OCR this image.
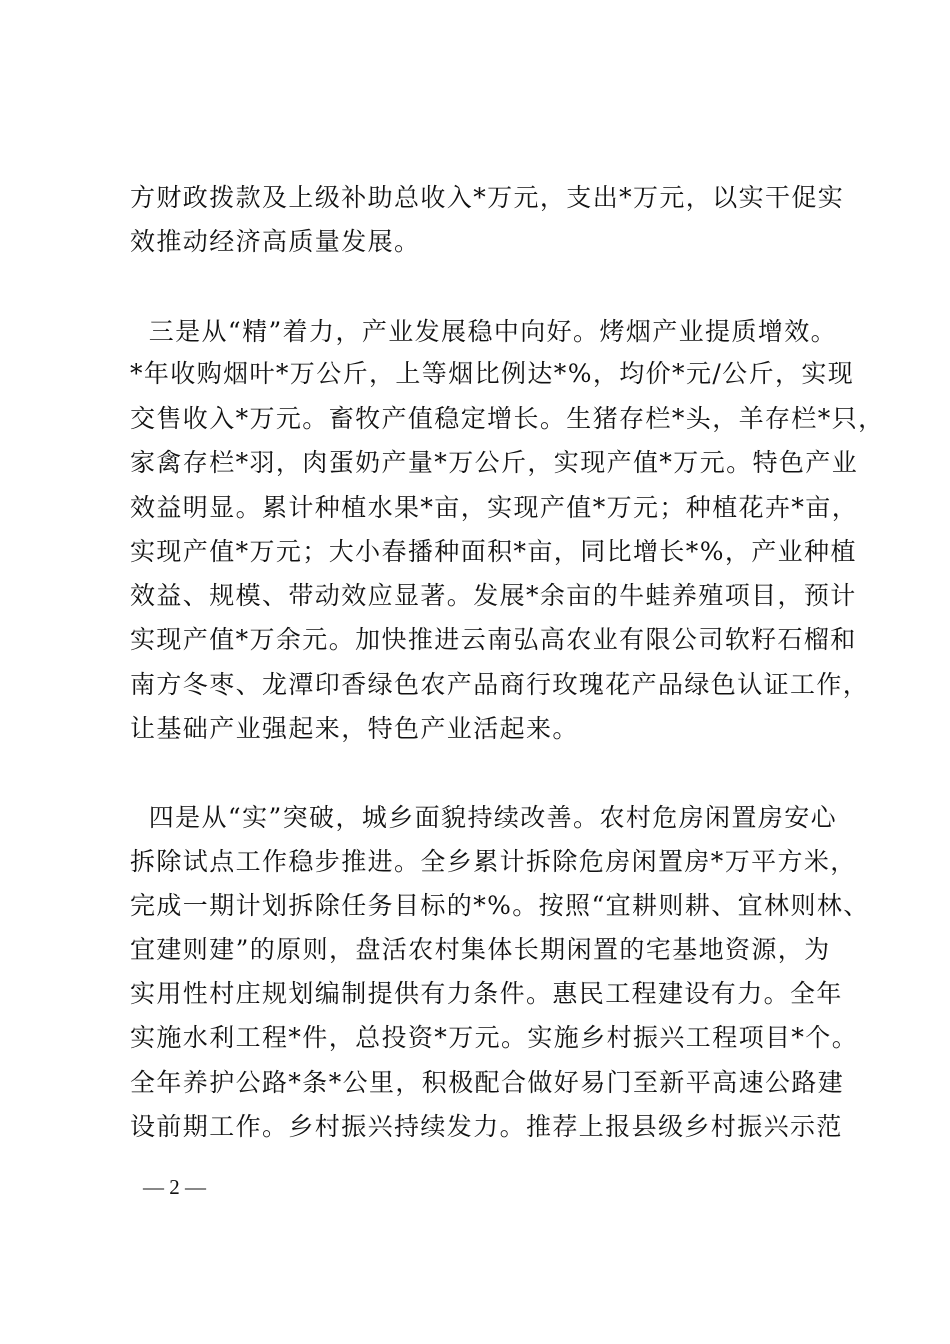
方财政拨款及上级补助总收入*万元，支出*万元，以实干促实
效推动经济高质量发展。
三是从“精”着力，产业发展稳中向好。烤烟产业提质增效。
*年收购烟叶*万公斤，上等烟比例达*%，均价*元/公斤，实现
交售收入*万元。畜牧产值稳定增长。生猪存栏*头，羊存栏*只，
家禽存栏*羽，肉蛋奶产量*万公斤，实现产值*万元。特色产业
效益明显。累计种植水果*亩，实现产值*万元；种植花卉*亩，
实现产值*万元；大小春播种面积*亩，同比增长*%，产业种植
效益、规模、带动效应显著。发展*余亩的牛蛙养殖项目，预计
实现产值*万余元。加快推进云南弘高农业有限公司软籽石榴和
南方冬枣、龙潭印香绿色农产品商行玫瑰花产品绿色认证工作，
让基础产业强起来，特色产业活起来。
四是从“实”突破，城乡面貌持续改善。农村危房闲置房安心
拆除试点工作稳步推进。全乡累计拆除危房闲置房*万平方米，
完成一期计划拆除任务目标的*%。按照“宜耕则耕、宜林则林、
宜建则建”的原则，盘活农村集体长期闲置的宅基地资源，为
实用性村庄规划编制提供有力条件。惠民工程建设有力。全年
实施水利工程*件，总投资*万元。实施乡村振兴工程项目*个。
全年养护公路*条*公里，积极配合做好易门至新平高速公路建
设前期工作。乡村振兴持续发力。推荐上报县级乡村振兴示范
— 2 —
